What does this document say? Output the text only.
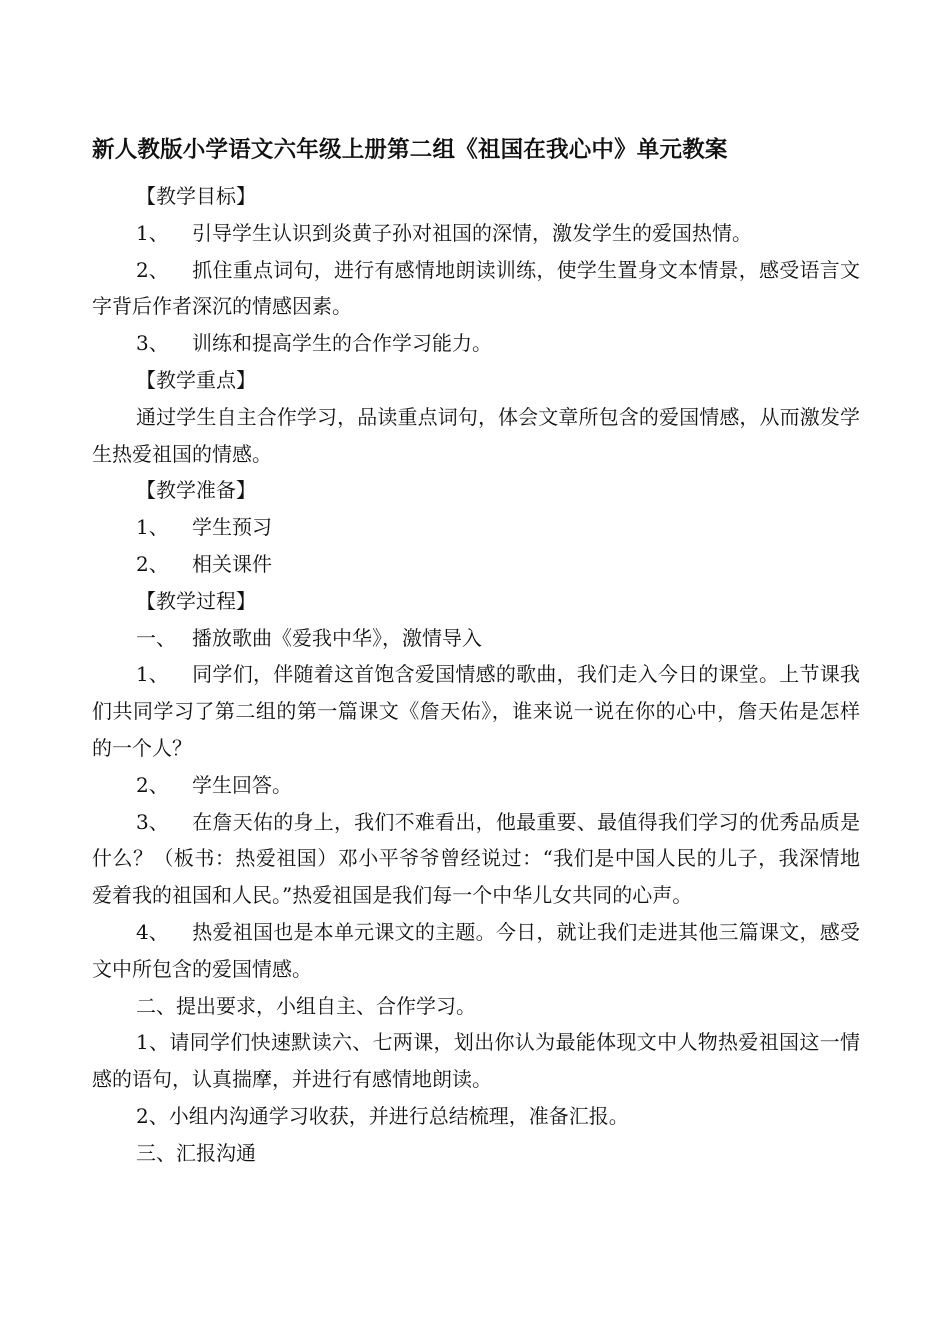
新人教版小学语文六年级上册第二组《祖国在我心中》单元教案

【教学目标】

1、 引导学生认识到炎黄子孙对祖国的深情，激发学生的爱国热情。

2、 抓住重点词句，进行有感情地朗读训练，使学生置身文本情景，感受语言文字背后作者深沉的情感因素。

3、 训练和提高学生的合作学习能力。

【教学重点】

通过学生自主合作学习，品读重点词句，体会文章所包含的爱国情感，从而激发学生热爱祖国的情感。

【教学准备】

1、 学生预习

2、 相关课件

【教学过程】

一、 播放歌曲《爱我中华》，激情导入

1、 同学们，伴随着这首饱含爱国情感的歌曲，我们走入今日的课堂。上节课我们共同学习了第二组的第一篇课文《詹天佑》，谁来说一说在你的心中，詹天佑是怎样的一个人？

2、 学生回答。

3、 在詹天佑的身上，我们不难看出，他最重要、最值得我们学习的优秀品质是什么？（板书：热爱祖国）邓小平爷爷曾经说过：“我们是中国人民的儿子，我深情地爱着我的祖国和人民。”热爱祖国是我们每一个中华儿女共同的心声。

4、 热爱祖国也是本单元课文的主题。今日，就让我们走进其他三篇课文，感受文中所包含的爱国情感。

二、提出要求，小组自主、合作学习。

1、请同学们快速默读六、七两课，划出你认为最能体现文中人物热爱祖国这一情感的语句，认真揣摩，并进行有感情地朗读。

2、小组内沟通学习收获，并进行总结梳理，准备汇报。

三、汇报沟通
